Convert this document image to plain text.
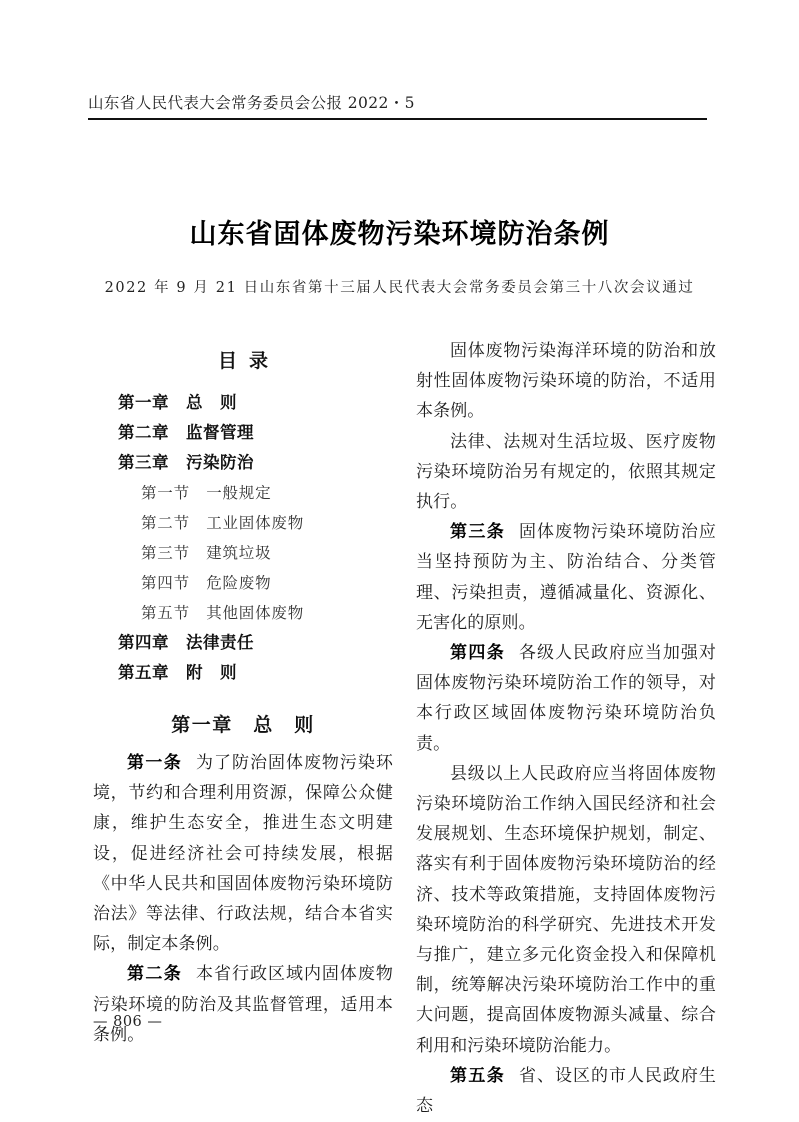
山东省人民代表大会常务委员会公报 2022・5
山东省固体废物污染环境防治条例
2022 年 9 月 21 日山东省第十三届人民代表大会常务委员会第三十八次会议通过
目录
第一章　总　则
第二章　监督管理
第三章　污染防治
第一节　一般规定
第二节　工业固体废物
第三节　建筑垃圾
第四节　危险废物
第五节　其他固体废物
第四章　法律责任
第五章　附　则
第一章　总　则

第一条 为了防治固体废物污染环境，节约和合理利用资源，保障公众健康，维护生态安全，推进生态文明建设，促进经济社会可持续发展，根据《中华人民共和国固体废物污染环境防治法》等法律、行政法规，结合本省实际，制定本条例。

第二条 本省行政区域内固体废物污染环境的防治及其监督管理，适用本条例。

固体废物污染海洋环境的防治和放射性固体废物污染环境的防治，不适用本条例。

法律、法规对生活垃圾、医疗废物污染环境防治另有规定的，依照其规定执行。

第三条 固体废物污染环境防治应当坚持预防为主、防治结合、分类管理、污染担责，遵循减量化、资源化、无害化的原则。

第四条 各级人民政府应当加强对固体废物污染环境防治工作的领导，对本行政区域固体废物污染环境防治负责。

县级以上人民政府应当将固体废物污染环境防治工作纳入国民经济和社会发展规划、生态环境保护规划，制定、落实有利于固体废物污染环境防治的经济、技术等政策措施，支持固体废物污染环境防治的科学研究、先进技术开发与推广，建立多元化资金投入和保障机制，统筹解决污染环境防治工作中的重大问题，提高固体废物源头减量、综合利用和污染环境防治能力。

第五条 省、设区的市人民政府生态

— 806 —
